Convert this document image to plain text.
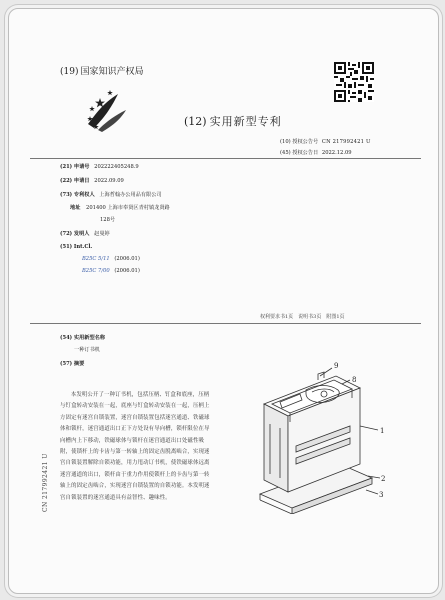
(19) 国家知识产权局
(12) 实用新型专利
(10) 授权公告号 CN 217992421 U
(45) 授权公告日 2022.12.09
(21) 申请号 202222405248.9
(22) 申请日 2022.09.09
(73) 专利权人 上海哲翰办公用品有限公司
地址 201400 上海市奉贤区青村镇龙贤路
128号
(72) 发明人 赵曼婷
(51) Int.Cl.
B25C 5/11 (2006.01)
B25C 7/00 (2006.01)
权利要求书1页　说明书3页　附图1页
(54) 实用新型名称
一种订书机
(57) 摘要
本发明公开了一种订书机，包括压柄、钉盒和底座，压柄与钉盒转动安装在一起，底座与钉盒转动安装在一起，压柄上方固定有迷宫自锁装置，迷宫自锁装置包括迷宫通道、铁磁球体和锁杆，迷宫通道出口正下方处设有导向槽，锁杆限位在导向槽内上下移动，铁磁球体与锁杆在迷宫通道出口处磁性吸附，使锁杆上的卡齿与第一转轴上的固定齿脱离啮合，实现迷宫自锁装置解除自锁功能，用力甩动订书机，使铁磁球体远离迷宫通道的出口，锁杆由于重力作用使锁杆上的卡齿与第一转轴上的固定齿啮合，实现迷宫自锁装置的自锁功能。本发明迷宫自锁装置的迷宫通道具有益智性、趣味性。
9
8
1
2
3
CN 217992421 U
